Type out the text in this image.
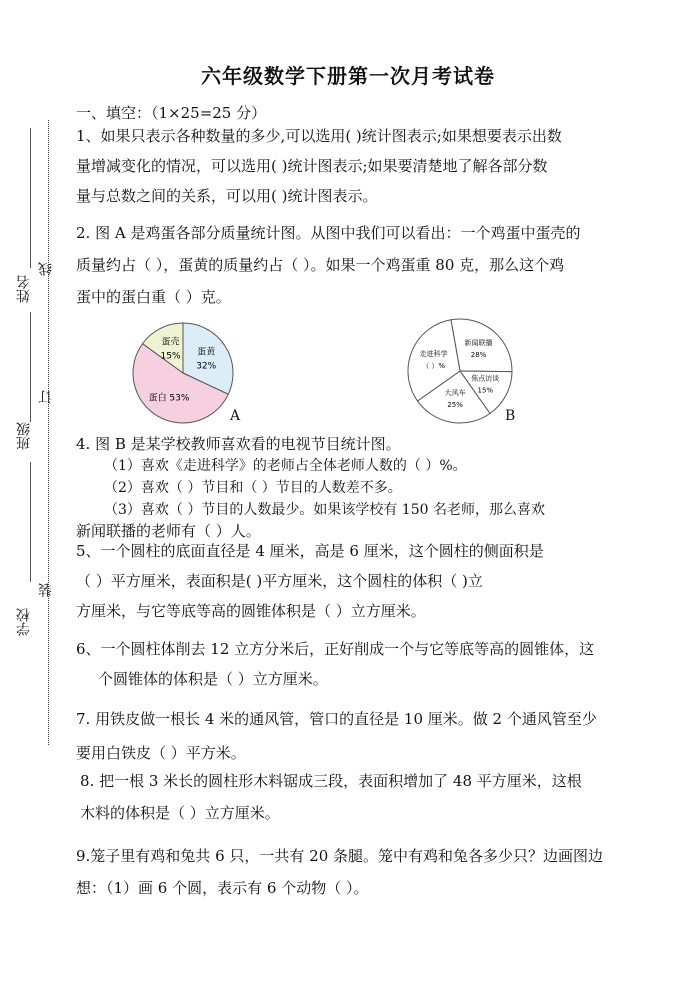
线
姓名
订
班级
装
学校
六年级数学下册第一次月考试卷
一、填空：（1×25=25 分）
1、如果只表示各种数量的多少,可以选用( )统计图表示;如果想要表示出数
量增减变化的情况，可以选用( )统计图表示;如果要清楚地了解各部分数
量与总数之间的关系，可以用( )统计图表示。
2. 图 A 是鸡蛋各部分质量统计图。从图中我们可以看出：一个鸡蛋中蛋壳的
质量约占（ ），蛋黄的质量约占（ ）。如果一个鸡蛋重 80 克，那么这个鸡
蛋中的蛋白重（ ）克。
蛋黄
32%
蛋白 53%
蛋壳
15%
A
新闻联播
28%
焦点访谈
15%
大风车
25%
走进科学
（ ）%
B
4. 图 B 是某学校教师喜欢看的电视节目统计图。
（1）喜欢《走进科学》的老师占全体老师人数的（ ）%。
（2）喜欢（ ）节目和（ ）节目的人数差不多。
（3）喜欢（ ）节目的人数最少。如果该学校有 150 名老师，那么喜欢
新闻联播的老师有（ ）人。
5、一个圆柱的底面直径是 4 厘米，高是 6 厘米，这个圆柱的侧面积是
（ ）平方厘米，表面积是( )平方厘米，这个圆柱的体积（ )立
方厘米，与它等底等高的圆锥体积是（ ）立方厘米。
6、一个圆柱体削去 12 立方分米后，正好削成一个与它等底等高的圆锥体，这
个圆锥体的体积是（ ）立方厘米。
7. 用铁皮做一根长 4 米的通风管，管口的直径是 10 厘米。做 2 个通风管至少
要用白铁皮（ ）平方米。
8. 把一根 3 米长的圆柱形木料锯成三段，表面积增加了 48 平方厘米，这根
木料的体积是（ ）立方厘米。
9.笼子里有鸡和兔共 6 只，一共有 20 条腿。笼中有鸡和兔各多少只？边画图边
想：（1）画 6 个圆，表示有 6 个动物（ ）。
